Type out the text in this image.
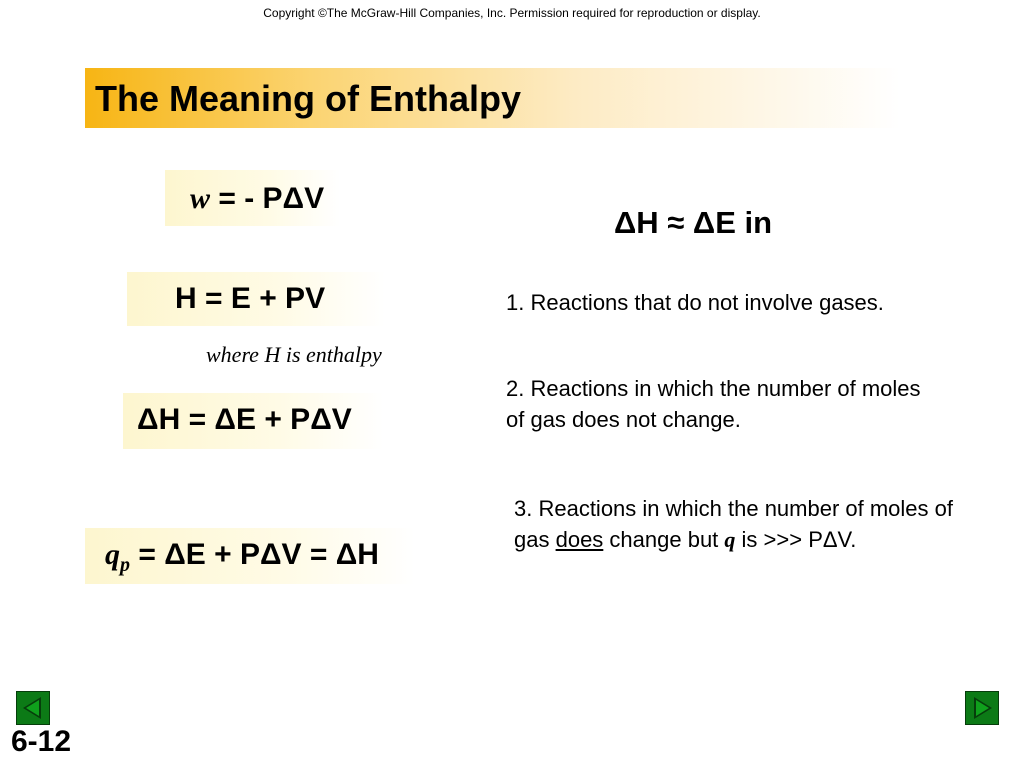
Copyright ©The McGraw-Hill Companies, Inc. Permission required for reproduction or display.
The Meaning of Enthalpy
w = - PΔV
H = E + PV
where H is enthalpy
ΔH = ΔE + PΔV
$q_p = \Delta E + P\Delta V = \Delta H$
ΔH ≈ ΔE in
1. Reactions that do not involve gases.
2. Reactions in which the number of moles of gas does not change.
3. Reactions in which the number of moles of gas does change but q is >>> PΔV.
6-12
